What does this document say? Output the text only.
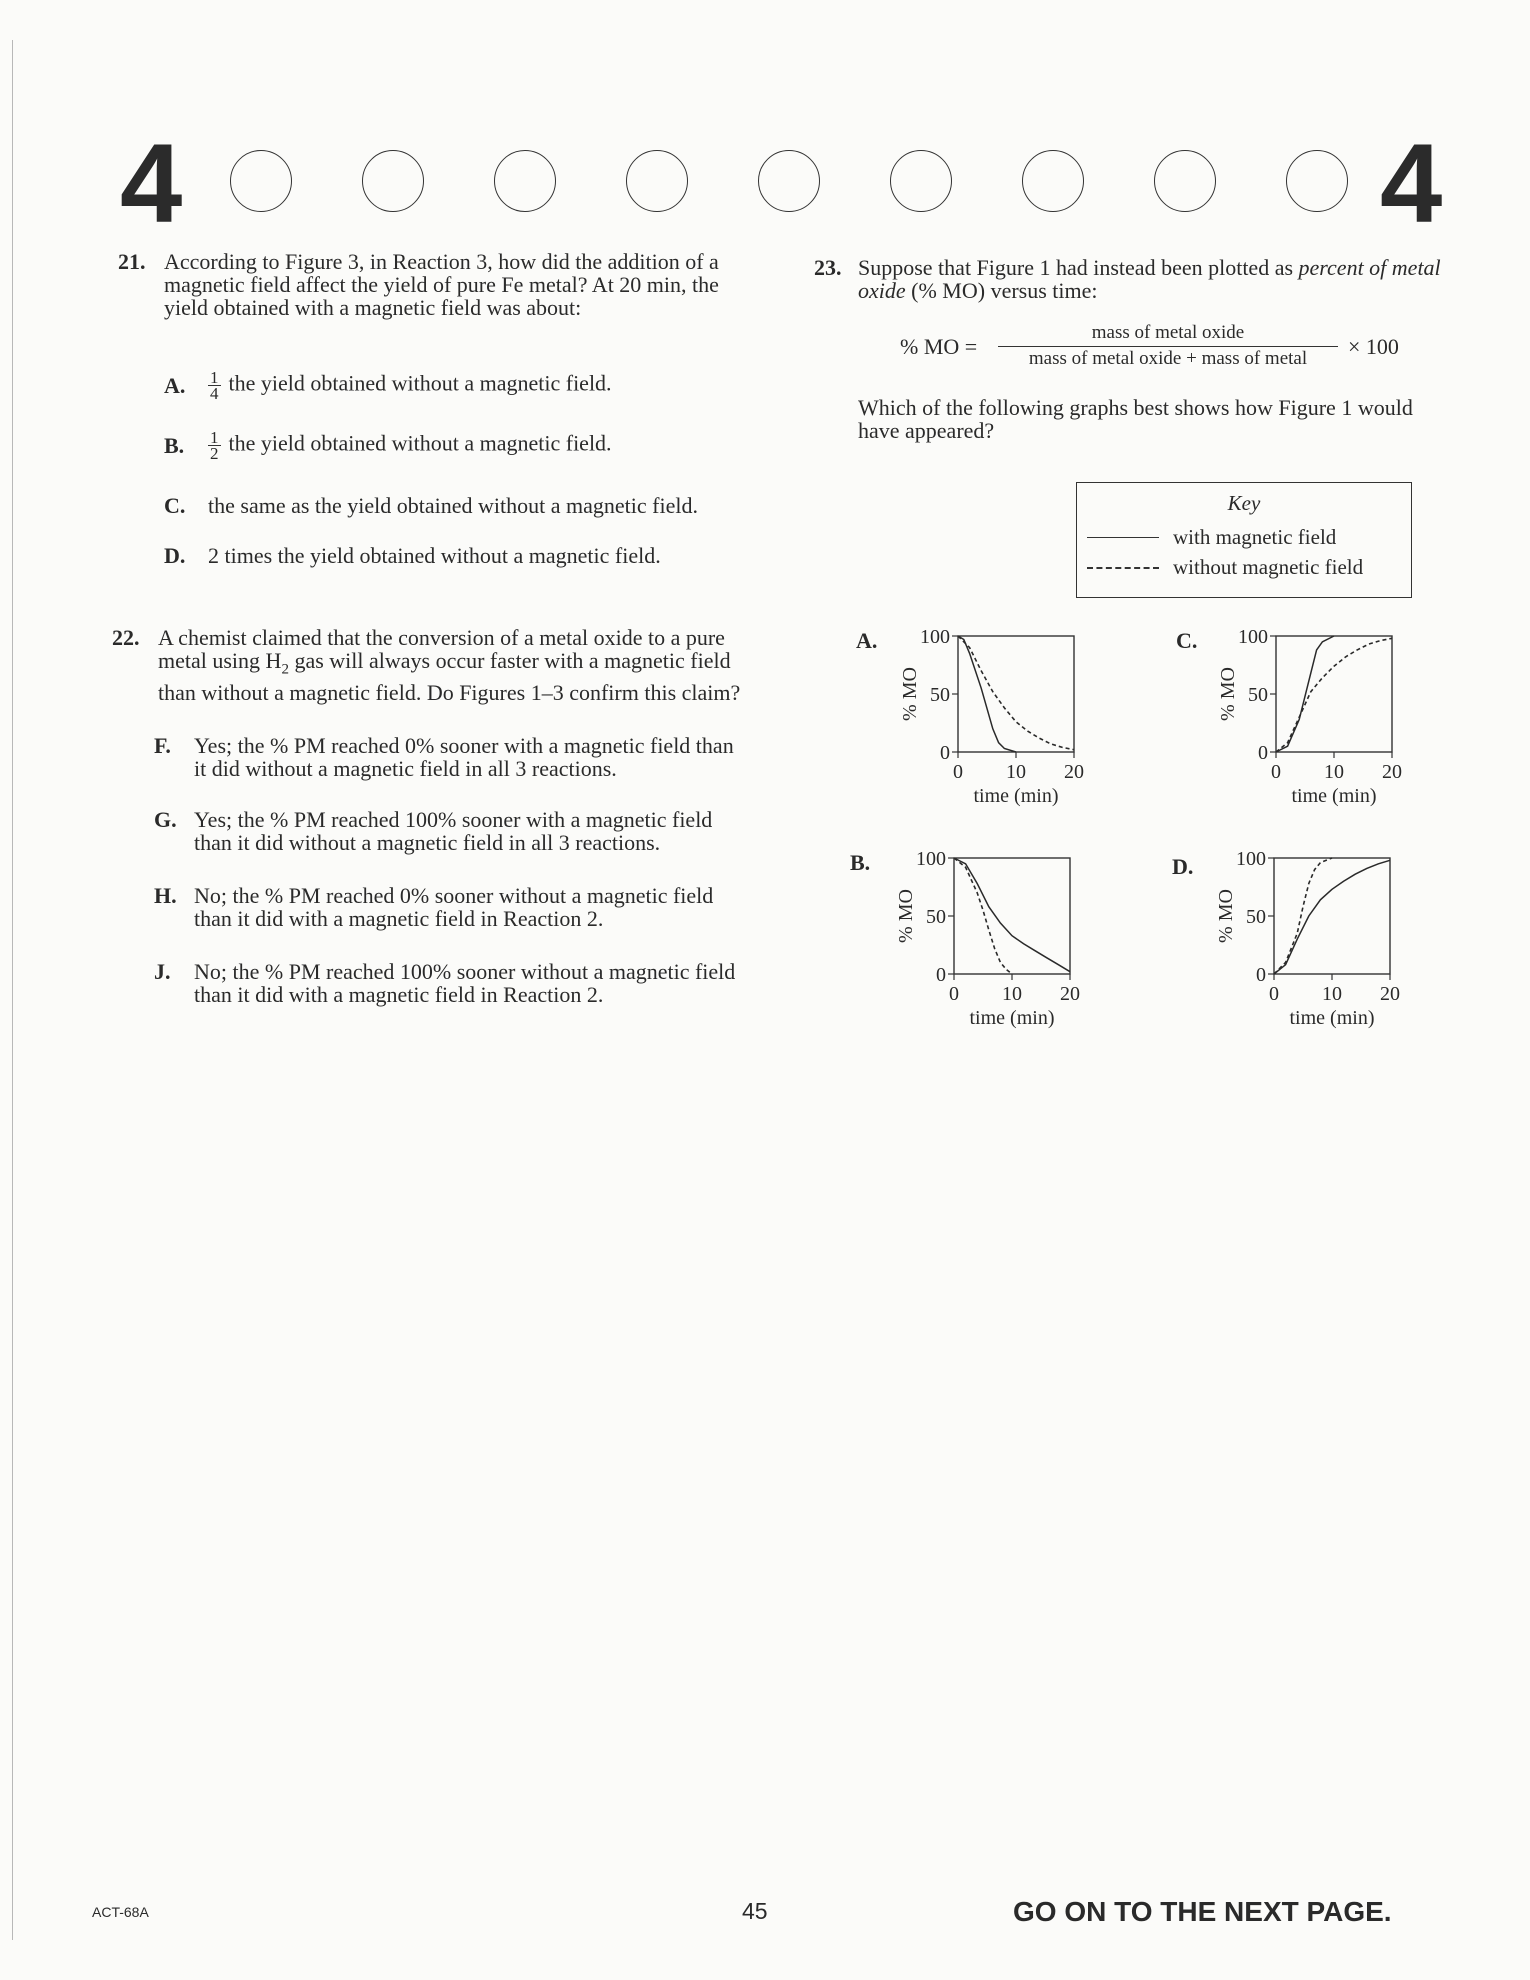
4	4
21. According to Figure 3, in Reaction 3, how did the addition of a magnetic field affect the yield of pure Fe metal? At 20 min, the yield obtained with a magnetic field was about:
A. $\frac{1}{4}$ the yield obtained without a magnetic field.
B. $\frac{1}{2}$ the yield obtained without a magnetic field.
C. the same as the yield obtained without a magnetic field.
D. 2 times the yield obtained without a magnetic field.
22. A chemist claimed that the conversion of a metal oxide to a pure metal using $H_2$ gas will always occur faster with a magnetic field than without a magnetic field. Do Figures 1–3 confirm this claim?
F. Yes; the % PM reached 0% sooner with a magnetic field than it did without a magnetic field in all 3 reactions.
G. Yes; the % PM reached 100% sooner with a magnetic field than it did without a magnetic field in all 3 reactions.
H. No; the % PM reached 0% sooner without a magnetic field than it did with a magnetic field in Reaction 2.
J. No; the % PM reached 100% sooner without a magnetic field than it did with a magnetic field in Reaction 2.
23. Suppose that Figure 1 had instead been plotted as percent of metal oxide (% MO) versus time:
% MO =
mass of metal oxide
mass of metal oxide + mass of metal	× 100
Which of the following graphs best shows how Figure 1 would have appeared?
Key
with magnetic field
without magnetic field
A.	C.
B.	D.
0
50
100
0 10 20
time (min)
% MO
0
50
100
0 10 20
time (min)
% MO
0
50
100
0 10 20
time (min)
% MO
0
50
100
0 10 20
time (min)
% MO
ACT-68A	45	GO ON TO THE NEXT PAGE.
